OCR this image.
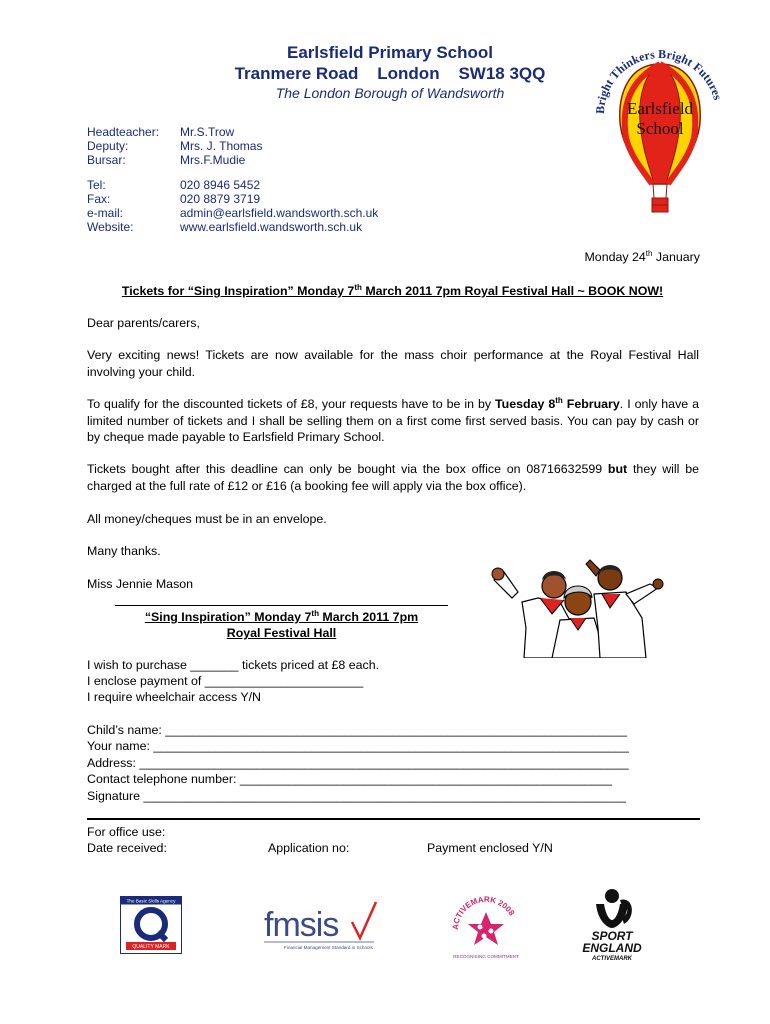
Earlsfield Primary School
Tranmere Road    London    SW18 3QQ
The London Borough of Wandsworth
Bright Thinkers Bright Futures
Earlsfield
School
Headteacher: Mr.S.Trow
Deputy:	Mrs. J. Thomas
Bursar:	Mrs.F.Mudie
Tel:	020 8946 5452
Fax:	020 8879 3719
e-mail:	admin@earlsfield.wandsworth.sch.uk
Website:	www.earlsfield.wandsworth.sch.uk
Monday 24th January
Tickets for “Sing Inspiration” Monday 7th March 2011 7pm Royal Festival Hall ~ BOOK NOW!
Dear parents/carers,
Very exciting news! Tickets are now available for the mass choir performance at the Royal Festival Hall involving your child.
To qualify for the discounted tickets of £8, your requests have to be in by Tuesday 8th February. I only have a limited number of tickets and I shall be selling them on a first come first served basis. You can pay by cash or by cheque made payable to Earlsfield Primary School.
Tickets bought after this deadline can only be bought via the box office on 08716632599 but they will be charged at the full rate of £12 or £16 (a booking fee will apply via the box office).
All money/cheques must be in an envelope.
Many thanks.
Miss Jennie Mason
“Sing Inspiration” Monday 7th March 2011 7pm
Royal Festival Hall
I wish to purchase _______ tickets priced at £8 each.
I enclose payment of _______________________
I require wheelchair access Y/N
Child’s name: ___________________________________________________________________
Your name: _____________________________________________________________________
Address: _______________________________________________________________________
Contact telephone number: ______________________________________________________
Signature ______________________________________________________________________
For office use:
Date received:	Application no:	Payment enclosed Y/N
The Basic Skills Agency
QUALITY MARK
fmsis
Financial Management Standard in Schools
ACTIVEMARK 2008
RECOGNISING COMMITMENT
SPORT
ENGLAND
ACTIVEMARK
